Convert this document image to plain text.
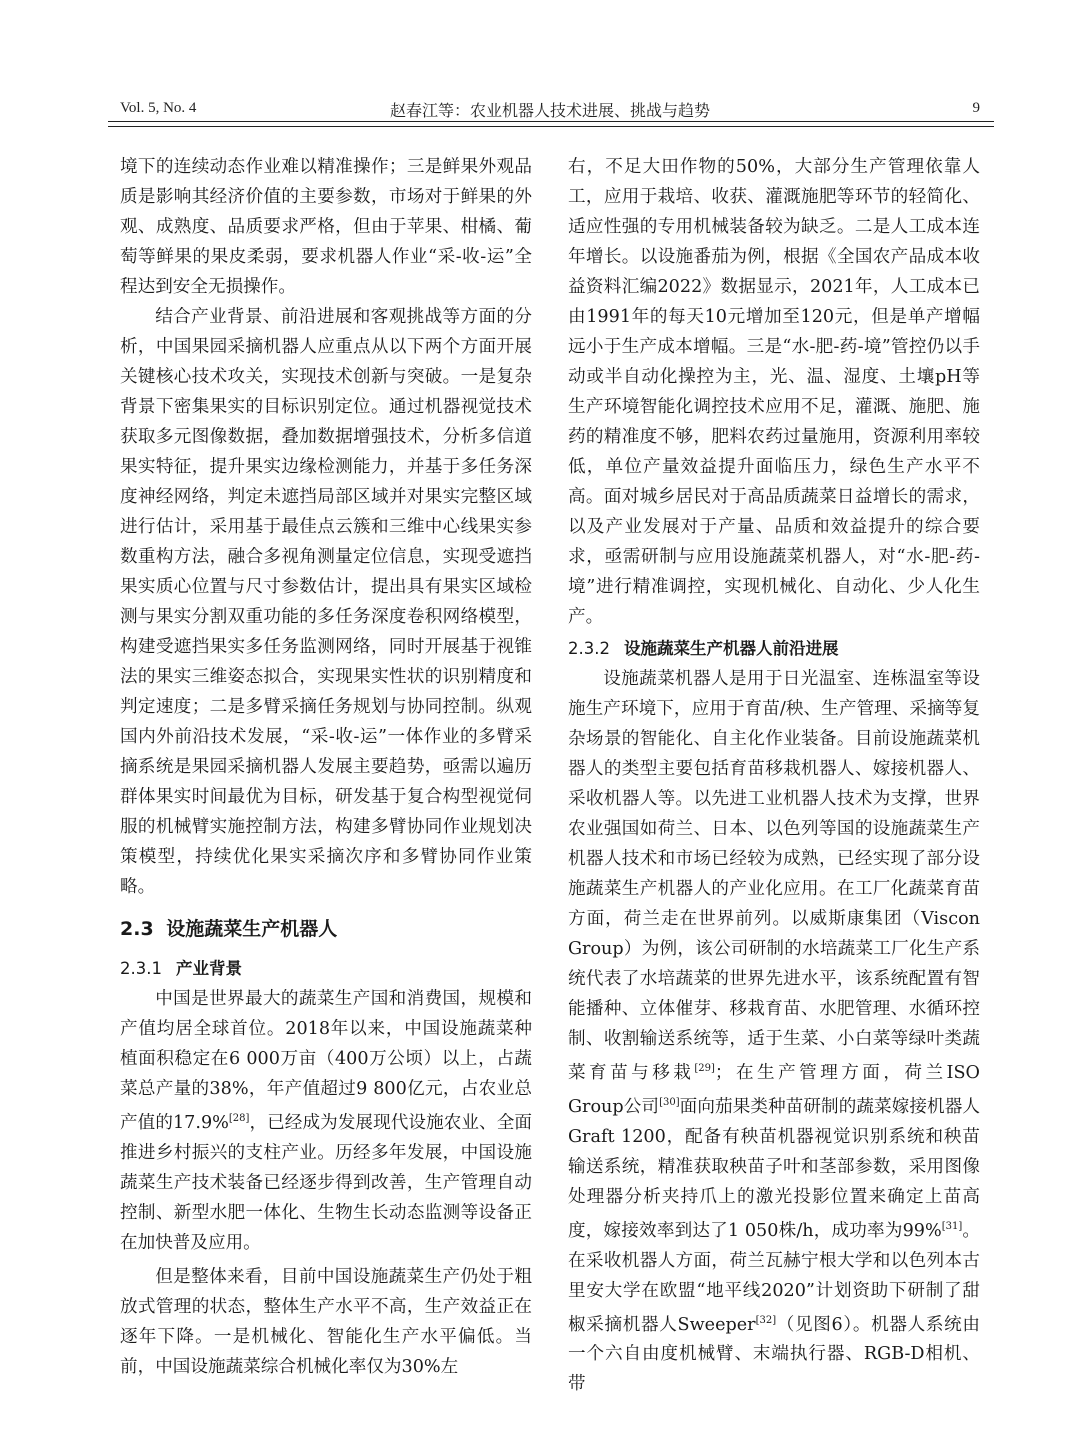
Vol. 5, No. 4	赵春江等：农业机器人技术进展、挑战与趋势	9

境下的连续动态作业难以精准操作；三是鲜果外观品质是影响其经济价值的主要参数，市场对于鲜果的外观、成熟度、品质要求严格，但由于苹果、柑橘、葡萄等鲜果的果皮柔弱，要求机器人作业“采-收-运”全程达到安全无损操作。

结合产业背景、前沿进展和客观挑战等方面的分析，中国果园采摘机器人应重点从以下两个方面开展关键核心技术攻关，实现技术创新与突破。一是复杂背景下密集果实的目标识别定位。通过机器视觉技术获取多元图像数据，叠加数据增强技术，分析多信道果实特征，提升果实边缘检测能力，并基于多任务深度神经网络，判定未遮挡局部区域并对果实完整区域进行估计，采用基于最佳点云簇和三维中心线果实参数重构方法，融合多视角测量定位信息，实现受遮挡果实质心位置与尺寸参数估计，提出具有果实区域检测与果实分割双重功能的多任务深度卷积网络模型，构建受遮挡果实多任务监测网络，同时开展基于视锥法的果实三维姿态拟合，实现果实性状的识别精度和判定速度；二是多臂采摘任务规划与协同控制。纵观国内外前沿技术发展，“采-收-运”一体作业的多臂采摘系统是果园采摘机器人发展主要趋势，亟需以遍历群体果实时间最优为目标，研发基于复合构型视觉伺服的机械臂实施控制方法，构建多臂协同作业规划决策模型，持续优化果实采摘次序和多臂协同作业策略。

2.3 设施蔬菜生产机器人
2.3.1 产业背景

中国是世界最大的蔬菜生产国和消费国，规模和产值均居全球首位。2018年以来，中国设施蔬菜种植面积稳定在6 000万亩（400万公顷）以上，占蔬菜总产量的38%，年产值超过9 800亿元，占农业总产值的17.9%[28]，已经成为发展现代设施农业、全面推进乡村振兴的支柱产业。历经多年发展，中国设施蔬菜生产技术装备已经逐步得到改善，生产管理自动控制、新型水肥一体化、生物生长动态监测等设备正在加快普及应用。

但是整体来看，目前中国设施蔬菜生产仍处于粗放式管理的状态，整体生产水平不高，生产效益正在逐年下降。一是机械化、智能化生产水平偏低。当前，中国设施蔬菜综合机械化率仅为30%左

右，不足大田作物的50%，大部分生产管理依靠人工，应用于栽培、收获、灌溉施肥等环节的轻简化、适应性强的专用机械装备较为缺乏。二是人工成本连年增长。以设施番茄为例，根据《全国农产品成本收益资料汇编2022》数据显示，2021年，人工成本已由1991年的每天10元增加至120元，但是单产增幅远小于生产成本增幅。三是“水-肥-药-境”管控仍以手动或半自动化操控为主，光、温、湿度、土壤pH等生产环境智能化调控技术应用不足，灌溉、施肥、施药的精准度不够，肥料农药过量施用，资源利用率较低，单位产量效益提升面临压力，绿色生产水平不高。面对城乡居民对于高品质蔬菜日益增长的需求，以及产业发展对于产量、品质和效益提升的综合要求，亟需研制与应用设施蔬菜机器人，对“水-肥-药-境”进行精准调控，实现机械化、自动化、少人化生产。

2.3.2 设施蔬菜生产机器人前沿进展

设施蔬菜机器人是用于日光温室、连栋温室等设施生产环境下，应用于育苗/秧、生产管理、采摘等复杂场景的智能化、自主化作业装备。目前设施蔬菜机器人的类型主要包括育苗移栽机器人、嫁接机器人、采收机器人等。以先进工业机器人技术为支撑，世界农业强国如荷兰、日本、以色列等国的设施蔬菜生产机器人技术和市场已经较为成熟，已经实现了部分设施蔬菜生产机器人的产业化应用。在工厂化蔬菜育苗方面，荷兰走在世界前列。以威斯康集团（Viscon Group）为例，该公司研制的水培蔬菜工厂化生产系统代表了水培蔬菜的世界先进水平，该系统配置有智能播种、立体催芽、移栽育苗、水肥管理、水循环控制、收割输送系统等，适于生菜、小白菜等绿叶类蔬菜育苗与移栽[29]；在生产管理方面，荷兰ISO Group公司[30]面向茄果类种苗研制的蔬菜嫁接机器人Graft 1200，配备有秧苗机器视觉识别系统和秧苗输送系统，精准获取秧苗子叶和茎部参数，采用图像处理器分析夹持爪上的激光投影位置来确定上苗高度，嫁接效率到达了1 050株/h，成功率为99%[31]。在采收机器人方面，荷兰瓦赫宁根大学和以色列本古里安大学在欧盟“地平线2020”计划资助下研制了甜椒采摘机器人Sweeper[32]（见图6）。机器人系统由一个六自由度机械臂、末端执行器、RGB-D相机、带
